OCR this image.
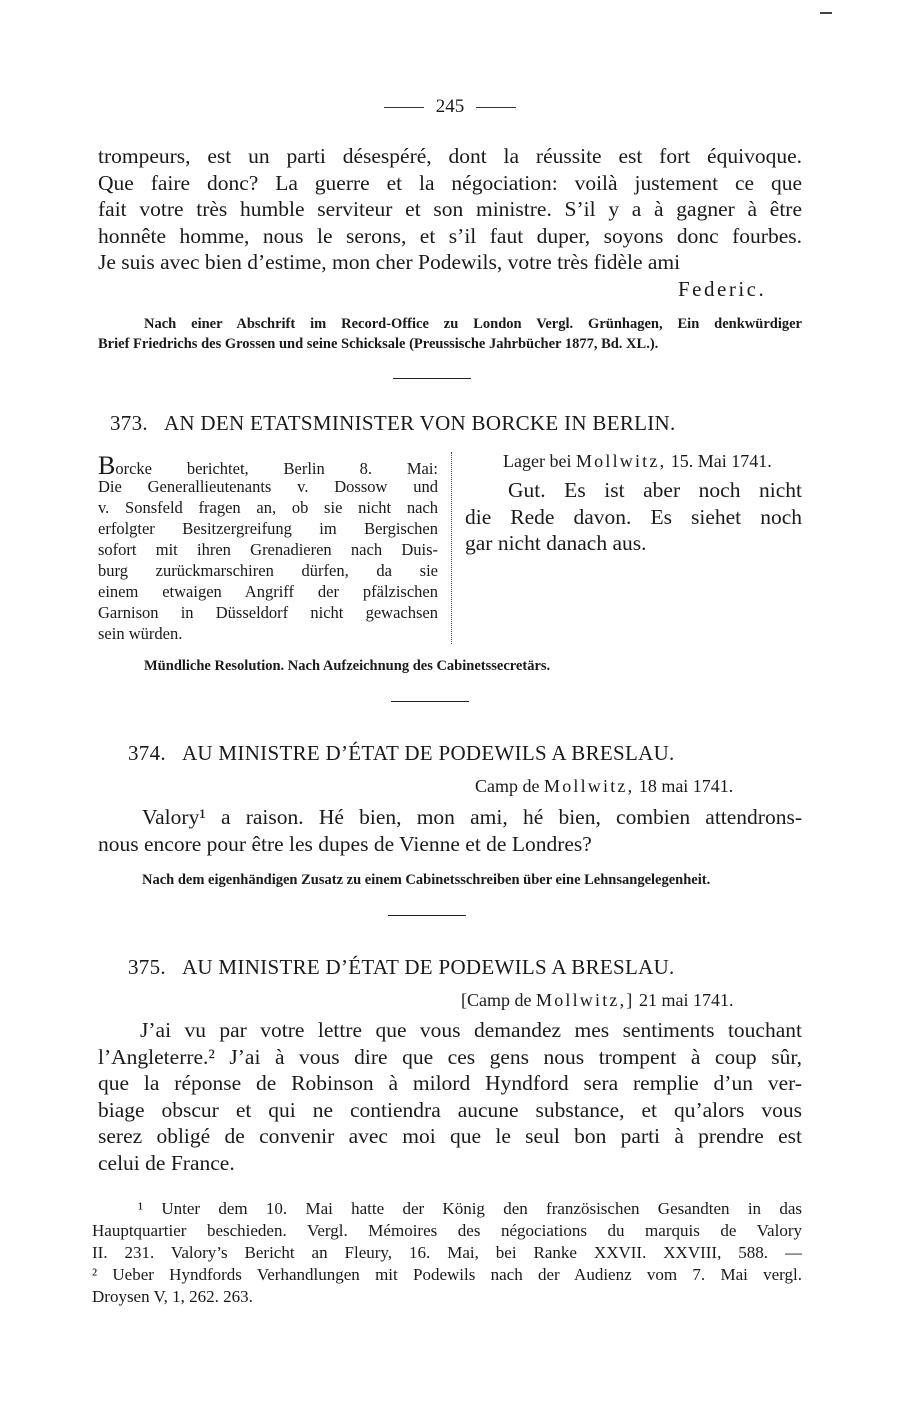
245
trompeurs, est un parti désespéré, dont la réussite est fort équivoque.
Que faire donc? La guerre et la négociation: voilà justement ce que
fait votre très humble serviteur et son ministre. S’il y a à gagner à être
honnête homme, nous le serons, et s’il faut duper, soyons donc fourbes.
Je suis avec bien d’estime, mon cher Podewils, votre très fidèle ami
Federic.
Nach einer Abschrift im Record-Office zu London Vergl. Grünhagen, Ein denkwürdiger
Brief Friedrichs des Grossen und seine Schicksale (Preussische Jahrbücher 1877, Bd. XL.).
373. AN DEN ETATSMINISTER VON BORCKE IN BERLIN.
Borcke berichtet, Berlin 8. Mai:
Die Generallieutenants v. Dossow und
v. Sonsfeld fragen an, ob sie nicht nach
erfolgter Besitzergreifung im Bergischen
sofort mit ihren Grenadieren nach Duis-
burg zurückmarschiren dürfen, da sie
einem etwaigen Angriff der pfälzischen
Garnison in Düsseldorf nicht gewachsen
sein würden.
Lager bei Mollwitz, 15. Mai 1741.
Gut. Es ist aber noch nicht
die Rede davon. Es siehet noch
gar nicht danach aus.
Mündliche Resolution. Nach Aufzeichnung des Cabinetssecretärs.
374. AU MINISTRE D’ÉTAT DE PODEWILS A BRESLAU.
Camp de Mollwitz, 18 mai 1741.
Valory¹ a raison. Hé bien, mon ami, hé bien, combien attendrons-
nous encore pour être les dupes de Vienne et de Londres?
Nach dem eigenhändigen Zusatz zu einem Cabinetsschreiben über eine Lehnsangelegenheit.
375. AU MINISTRE D’ÉTAT DE PODEWILS A BRESLAU.
[Camp de Mollwitz,] 21 mai 1741.
J’ai vu par votre lettre que vous demandez mes sentiments touchant
l’Angleterre.² J’ai à vous dire que ces gens nous trompent à coup sûr,
que la réponse de Robinson à milord Hyndford sera remplie d’un ver-
biage obscur et qui ne contiendra aucune substance, et qu’alors vous
serez obligé de convenir avec moi que le seul bon parti à prendre est
celui de France.
¹ Unter dem 10. Mai hatte der König den französischen Gesandten in das
Hauptquartier beschieden. Vergl. Mémoires des négociations du marquis de Valory
II. 231. Valory’s Bericht an Fleury, 16. Mai, bei Ranke XXVII. XXVIII, 588. —
² Ueber Hyndfords Verhandlungen mit Podewils nach der Audienz vom 7. Mai vergl.
Droysen V, 1, 262. 263.
